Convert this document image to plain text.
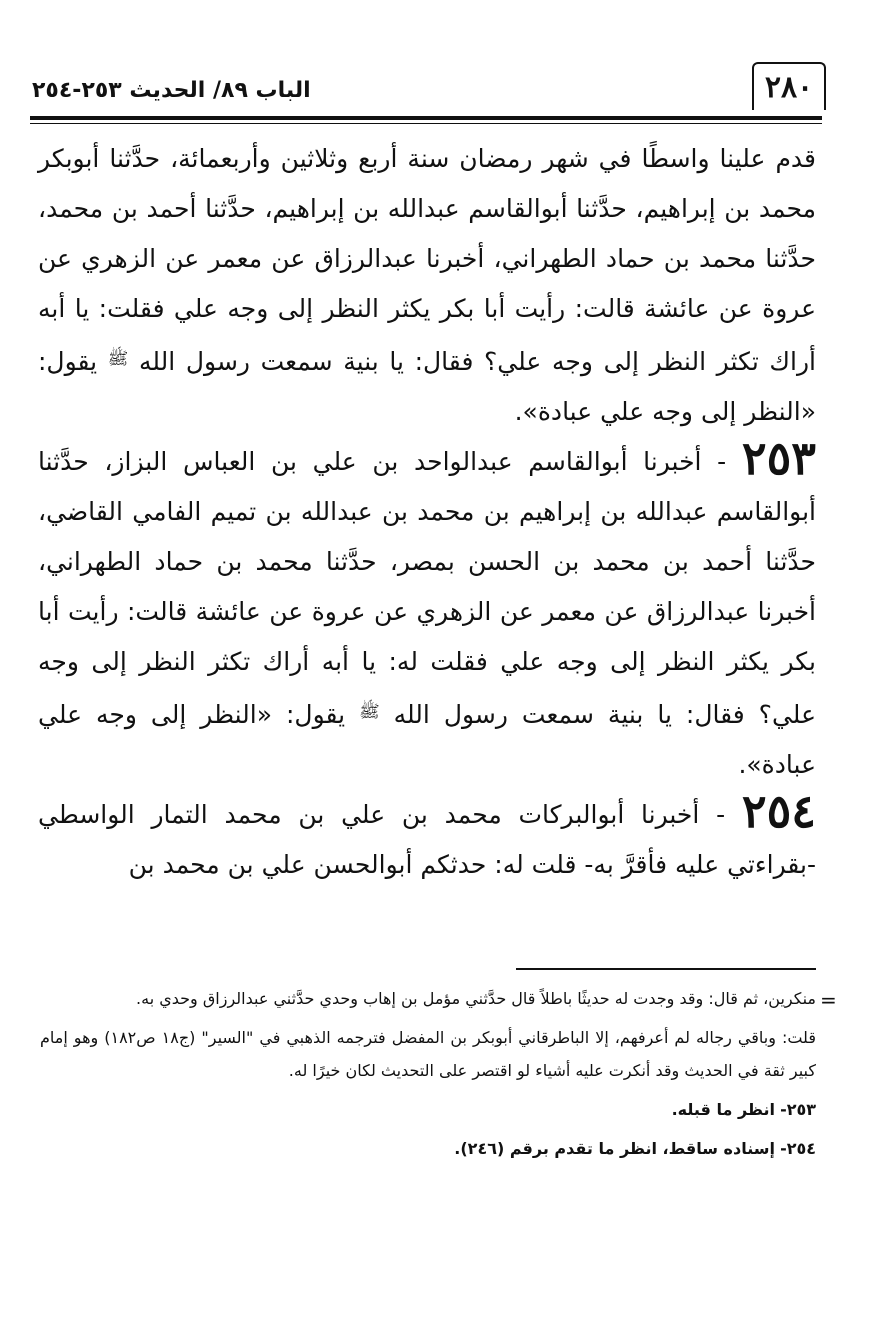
٢٨٠
الباب ٨٩/ الحديث ٢٥٣-٢٥٤

قدم علينا واسطًا في شهر رمضان سنة أربع وثلاثين وأربعمائة، حدَّثنا أبوبكر محمد بن إبراهيم، حدَّثنا أبوالقاسم عبدالله بن إبراهيم، حدَّثنا أحمد بن محمد، حدَّثنا محمد بن حماد الطهراني، أخبرنا عبدالرزاق عن معمر عن الزهري عن عروة عن عائشة قالت: رأيت أبا بكر يكثر النظر إلى وجه علي فقلت: يا أبه أراك تكثر النظر إلى وجه علي؟ فقال: يا بنية سمعت رسول الله $^ﷺ$ يقول: «النظر إلى وجه علي عبادة».

٢٥٣ - أخبرنا أبوالقاسم عبدالواحد بن علي بن العباس البزاز، حدَّثنا أبوالقاسم عبدالله بن إبراهيم بن محمد بن عبدالله بن تميم الفامي القاضي، حدَّثنا أحمد بن محمد بن الحسن بمصر، حدَّثنا محمد بن حماد الطهراني، أخبرنا عبدالرزاق عن معمر عن الزهري عن عروة عن عائشة قالت: رأيت أبا بكر يكثر النظر إلى وجه علي فقلت له: يا أبه أراك تكثر النظر إلى وجه علي؟ فقال: يا بنية سمعت رسول الله $^ﷺ$ يقول: «النظر إلى وجه علي عبادة».

٢٥٤ - أخبرنا أبوالبركات محمد بن علي بن محمد التمار الواسطي -بقراءتي عليه فأقرَّ به- قلت له: حدثكم أبوالحسن علي بن محمد بن

=

منكرين، ثم قال: وقد وجدت له حديثًا باطلاً قال حدَّثني مؤمل بن إهاب وحدي حدَّثني عبدالرزاق وحدي به.

قلت: وباقي رجاله لم أعرفهم، إلا الباطرقاني أبوبكر بن المفضل فترجمه الذهبي في "السير" (ج١٨ ص١٨٢) وهو إمام كبير ثقة في الحديث وقد أنكرت عليه أشياء لو اقتصر على التحديث لكان خيرًا له.

٢٥٣- انظر ما قبله.

٢٥٤- إسناده ساقط، انظر ما تقدم برقم (٢٤٦).
